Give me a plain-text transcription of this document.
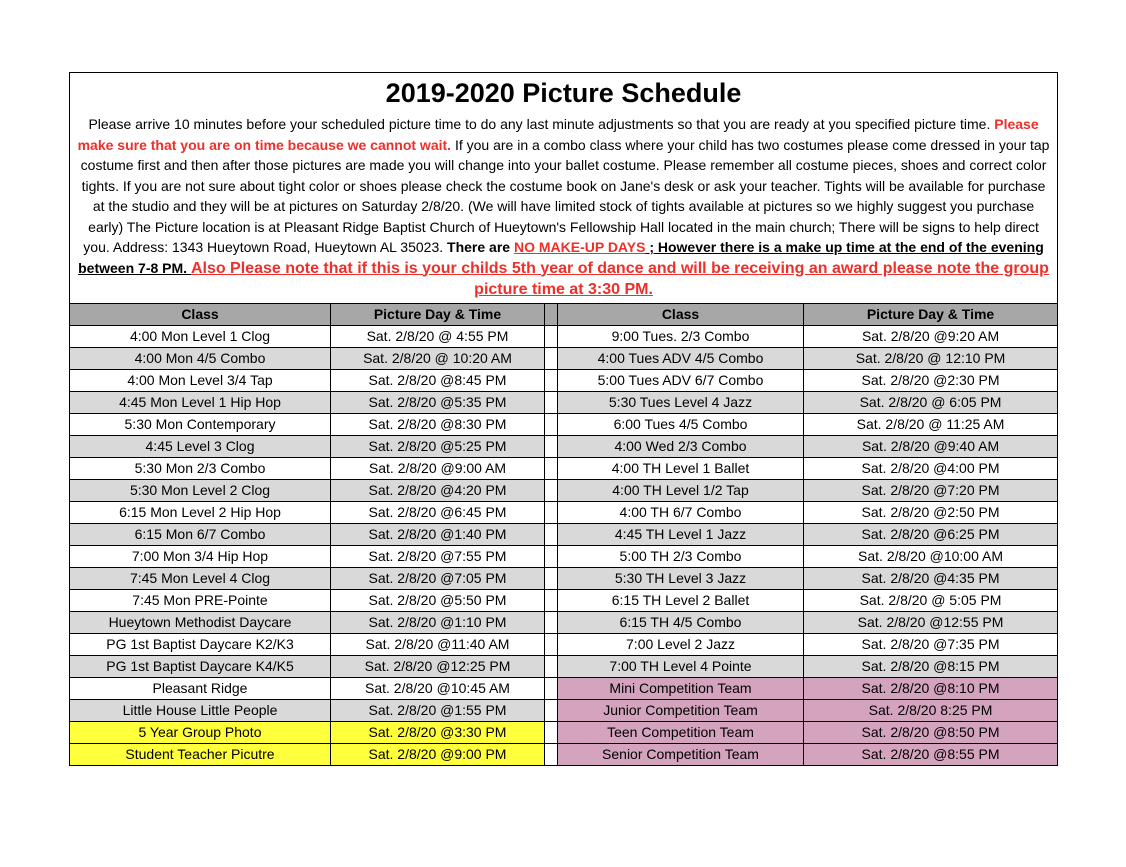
2019-2020 Picture Schedule				
Please arrive 10 minutes before your scheduled picture time to do any last minute adjustments so that you are ready at you specified picture time. Please make sure that you are on time because we cannot wait. If you are in a combo class where your child has two costumes please come dressed in your tap costume first and then after those pictures are made you will change into your ballet costume. Please remember all costume pieces, shoes and correct color tights. If you are not sure about tight color or shoes please check the costume book on Jane's desk or ask your teacher. Tights will be available for purchase at the studio and they will be at pictures on Saturday 2/8/20. (We will have limited stock of tights available at pictures so we highly suggest you purchase early) The Picture location is at Pleasant Ridge Baptist Church of Hueytown's Fellowship Hall located in the main church; There will be signs to help direct you. Address: 1343 Hueytown Road, Hueytown AL 35023. There are NO MAKE-UP DAYS ; However there is a make up time at the end of the evening between 7-8 PM. Also Please note that if this is your childs 5th year of dance and will be receiving an award please note the group picture time at 3:30 PM.				
Class	Picture Day & Time		Class	Picture Day & Time
4:00 Mon Level 1 Clog	Sat. 2/8/20 @ 4:55 PM		9:00 Tues. 2/3 Combo	Sat. 2/8/20 @9:20 AM
4:00 Mon 4/5 Combo	Sat. 2/8/20 @ 10:20 AM		4:00 Tues ADV 4/5 Combo	Sat. 2/8/20 @ 12:10 PM
4:00 Mon Level 3/4 Tap	Sat. 2/8/20 @8:45 PM		5:00 Tues ADV 6/7 Combo	Sat. 2/8/20 @2:30 PM
4:45 Mon Level 1 Hip Hop	Sat. 2/8/20 @5:35 PM		5:30 Tues Level 4 Jazz	Sat. 2/8/20 @ 6:05 PM
5:30 Mon Contemporary	Sat. 2/8/20 @8:30 PM		6:00 Tues 4/5 Combo	Sat. 2/8/20 @ 11:25 AM
4:45 Level 3 Clog	Sat. 2/8/20 @5:25 PM		4:00 Wed 2/3 Combo	Sat. 2/8/20 @9:40 AM
5:30 Mon 2/3 Combo	Sat. 2/8/20 @9:00 AM		4:00 TH Level 1 Ballet	Sat. 2/8/20 @4:00 PM
5:30 Mon Level 2 Clog	Sat. 2/8/20 @4:20 PM		4:00 TH Level 1/2 Tap	Sat. 2/8/20 @7:20 PM
6:15 Mon Level 2 Hip Hop	Sat. 2/8/20 @6:45 PM		4:00 TH 6/7 Combo	Sat. 2/8/20 @2:50 PM
6:15 Mon 6/7 Combo	Sat. 2/8/20 @1:40 PM		4:45 TH Level 1 Jazz	Sat. 2/8/20 @6:25 PM
7:00 Mon 3/4 Hip Hop	Sat. 2/8/20 @7:55 PM		5:00 TH 2/3 Combo	Sat. 2/8/20 @10:00 AM
7:45 Mon Level 4 Clog	Sat. 2/8/20 @7:05 PM		5:30 TH Level 3 Jazz	Sat. 2/8/20 @4:35 PM
7:45 Mon PRE-Pointe	Sat. 2/8/20 @5:50 PM		6:15 TH Level 2 Ballet	Sat. 2/8/20 @ 5:05 PM
Hueytown Methodist Daycare	Sat. 2/8/20 @1:10 PM		6:15 TH 4/5 Combo	Sat. 2/8/20 @12:55 PM
PG 1st Baptist Daycare K2/K3	Sat. 2/8/20 @11:40 AM		7:00 Level 2 Jazz	Sat. 2/8/20 @7:35 PM
PG 1st Baptist Daycare K4/K5	Sat. 2/8/20 @12:25 PM		7:00 TH Level 4 Pointe	Sat. 2/8/20 @8:15 PM
Pleasant Ridge	Sat. 2/8/20 @10:45 AM		Mini Competition Team	Sat. 2/8/20 @8:10 PM
Little House Little People	Sat. 2/8/20 @1:55 PM		Junior Competition Team	Sat. 2/8/20 8:25 PM
5 Year Group Photo	Sat. 2/8/20 @3:30 PM		Teen Competition Team	Sat. 2/8/20 @8:50 PM
Student Teacher Picutre	Sat. 2/8/20 @9:00 PM		Senior Competition Team	Sat. 2/8/20 @8:55 PM
